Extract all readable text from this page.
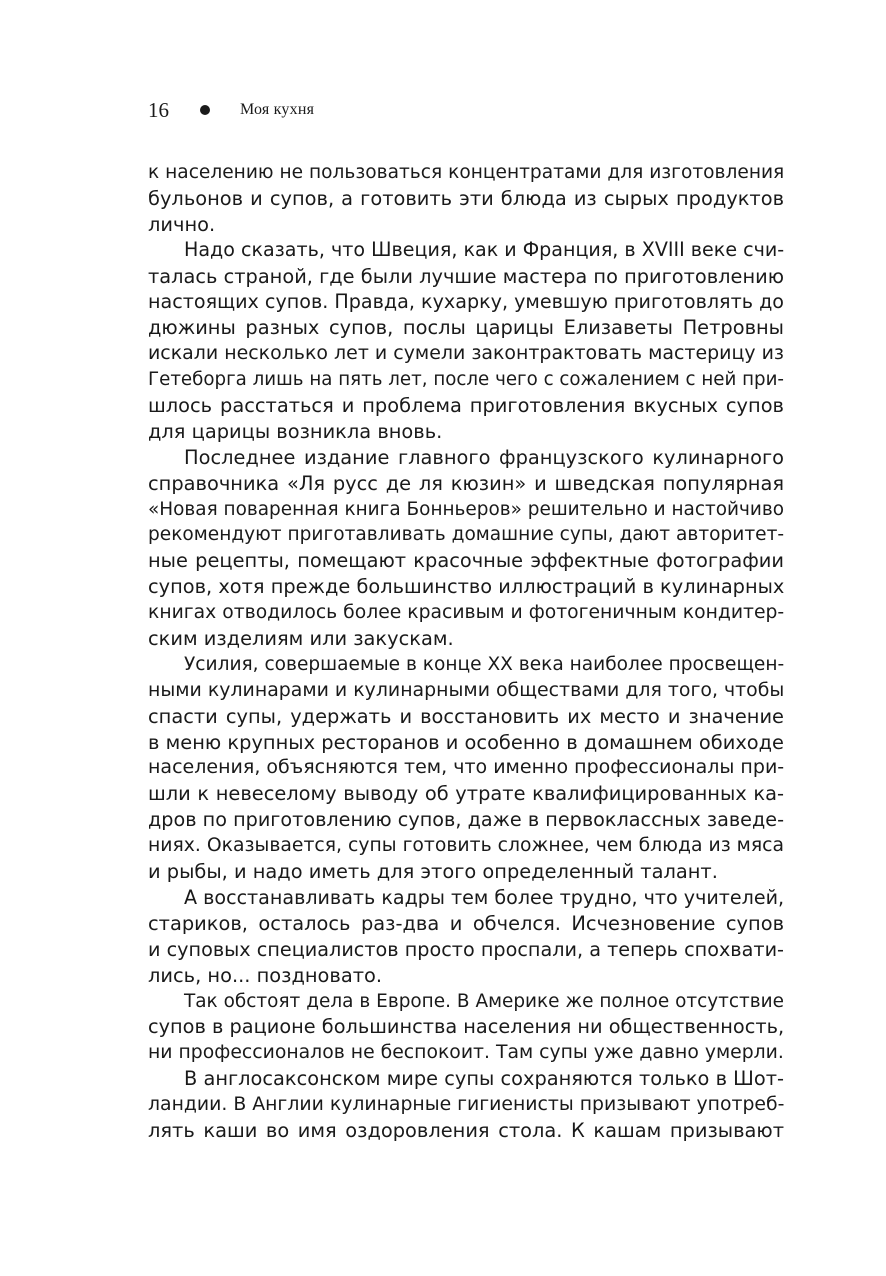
16	Моя кухня
к населению не пользоваться концентратами для изготовления
бульонов и супов, а готовить эти блюда из сырых продуктов
лично.
Надо сказать, что Швеция, как и Франция, в XVIII веке счи-
талась страной, где были лучшие мастера по приготовлению
настоящих супов. Правда, кухарку, умевшую приготовлять до
дюжины разных супов, послы царицы Елизаветы Петровны
искали несколько лет и сумели законтрактовать мастерицу из
Гетеборга лишь на пять лет, после чего с сожалением с ней при-
шлось расстаться и проблема приготовления вкусных супов
для царицы возникла вновь.
Последнее издание главного французского кулинарного
справочника «Ля русс де ля кюзин» и шведская популярная
«Новая поваренная книга Бонньеров» решительно и настойчиво
рекомендуют приготавливать домашние супы, дают авторитет-
ные рецепты, помещают красочные эффектные фотографии
супов, хотя прежде большинство иллюстраций в кулинарных
книгах отводилось более красивым и фотогеничным кондитер-
ским изделиям или закускам.
Усилия, совершаемые в конце XX века наиболее просвещен-
ными кулинарами и кулинарными обществами для того, чтобы
спасти супы, удержать и восстановить их место и значение
в меню крупных ресторанов и особенно в домашнем обиходе
населения, объясняются тем, что именно профессионалы при-
шли к невеселому выводу об утрате квалифицированных ка-
дров по приготовлению супов, даже в первоклассных заведе-
ниях. Оказывается, супы готовить сложнее, чем блюда из мяса
и рыбы, и надо иметь для этого определенный талант.
А восстанавливать кадры тем более трудно, что учителей,
стариков, осталось раз-два и обчелся. Исчезновение супов
и суповых специалистов просто проспали, а теперь спохвати-
лись, но... поздновато.
Так обстоят дела в Европе. В Америке же полное отсутствие
супов в рационе большинства населения ни общественность,
ни профессионалов не беспокоит. Там супы уже давно умерли.
В англосаксонском мире супы сохраняются только в Шот-
ландии. В Англии кулинарные гигиенисты призывают употреб-
лять каши во имя оздоровления стола. К кашам призывают
